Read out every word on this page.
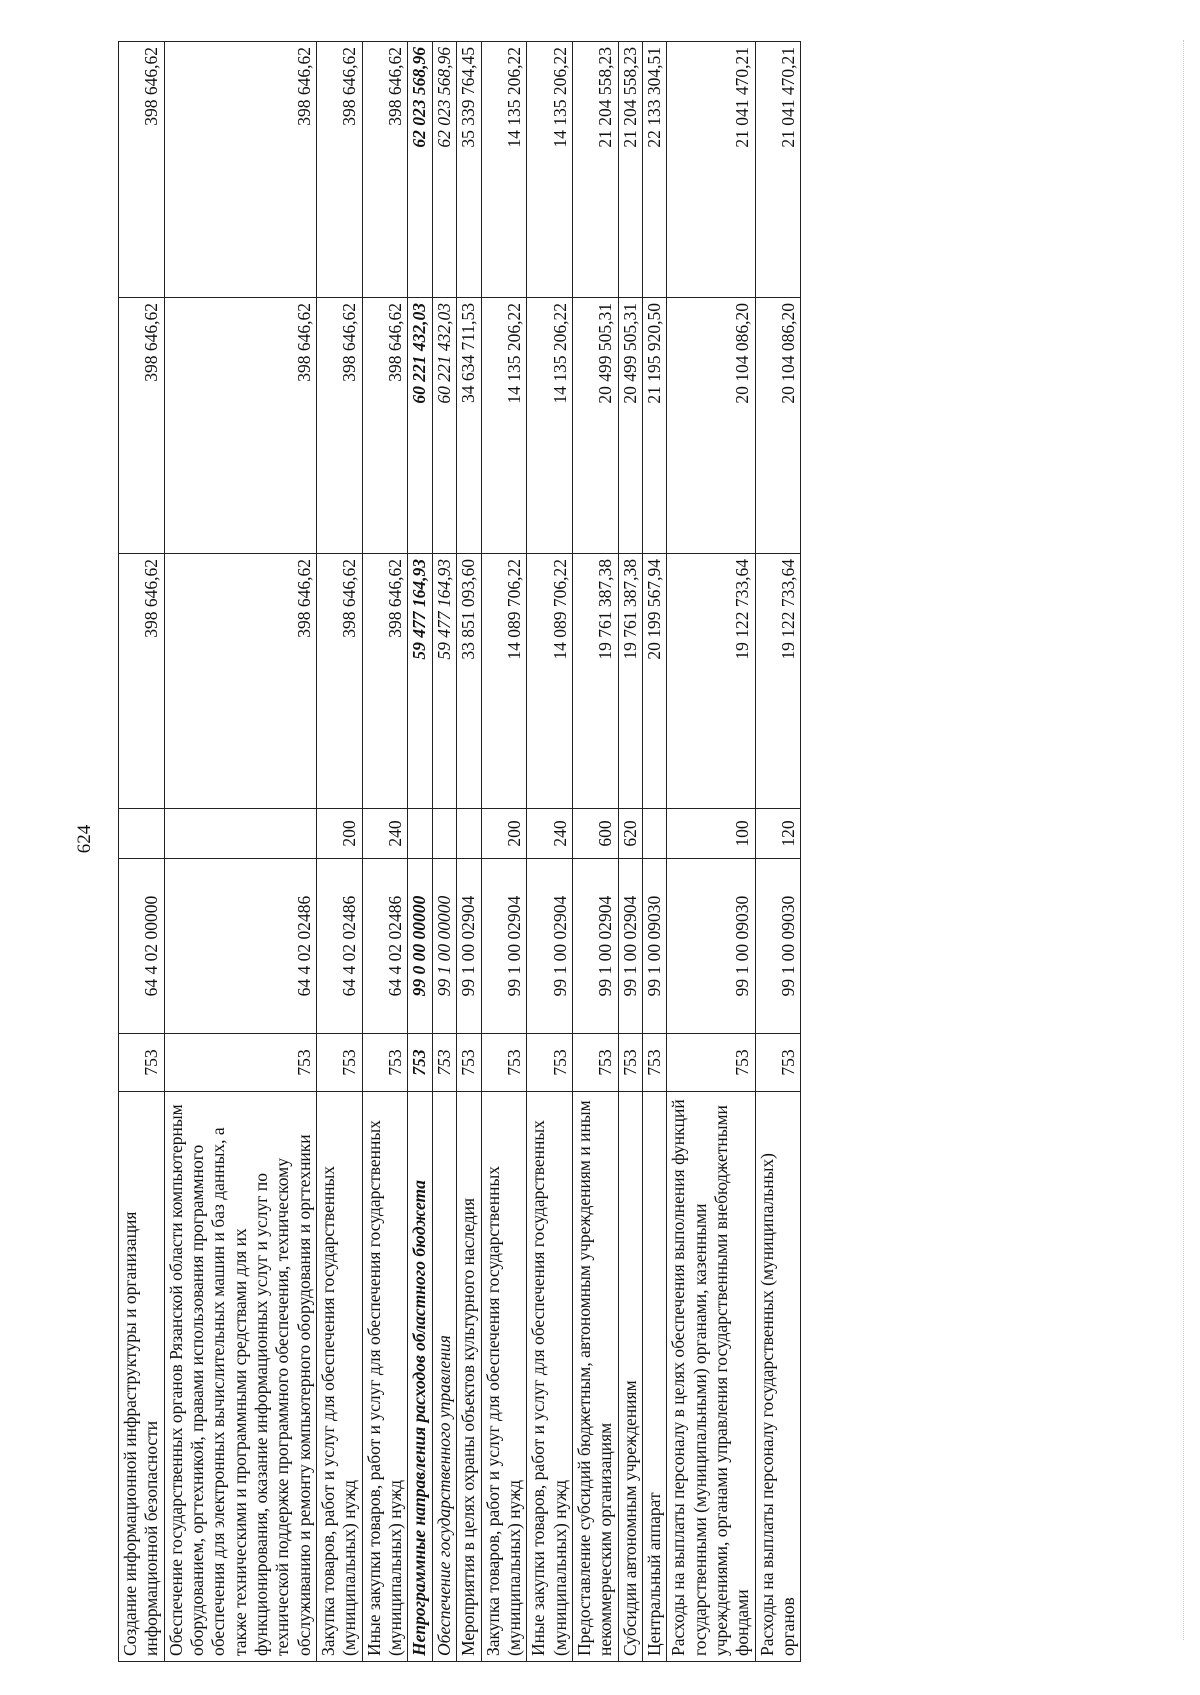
624
Создание информационной инфраструктуры и организация информационной безопасности	753	64 4 02 00000		398 646,62	398 646,62	398 646,62
Обеспечение государственных органов Рязанской области компьютерным оборудованием, оргтехникой, правами использования программного обеспечения для электронных вычислительных машин и баз данных, а также техническими и программными средствами для их функционирования, оказание информационных услуг и услуг по технической поддержке программного обеспечения, техническому обслуживанию и ремонту компьютерного оборудования и оргтехники	753	64 4 02 02486		398 646,62	398 646,62	398 646,62
Закупка товаров, работ и услуг для обеспечения государственных (муниципальных) нужд	753	64 4 02 02486	200	398 646,62	398 646,62	398 646,62
Иные закупки товаров, работ и услуг для обеспечения государственных (муниципальных) нужд	753	64 4 02 02486	240	398 646,62	398 646,62	398 646,62
Непрограммные направления расходов областного бюджета	753	99 0 00 00000		59 477 164,93	60 221 432,03	62 023 568,96
Обеспечение государственного управления	753	99 1 00 00000		59 477 164,93	60 221 432,03	62 023 568,96
Мероприятия в целях охраны объектов культурного наследия	753	99 1 00 02904		33 851 093,60	34 634 711,53	35 339 764,45
Закупка товаров, работ и услуг для обеспечения государственных (муниципальных) нужд	753	99 1 00 02904	200	14 089 706,22	14 135 206,22	14 135 206,22
Иные закупки товаров, работ и услуг для обеспечения государственных (муниципальных) нужд	753	99 1 00 02904	240	14 089 706,22	14 135 206,22	14 135 206,22
Предоставление субсидий бюджетным, автономным учреждениям и иным некоммерческим организациям	753	99 1 00 02904	600	19 761 387,38	20 499 505,31	21 204 558,23
Субсидии автономным учреждениям	753	99 1 00 02904	620	19 761 387,38	20 499 505,31	21 204 558,23
Центральный аппарат	753	99 1 00 09030		20 199 567,94	21 195 920,50	22 133 304,51
Расходы на выплаты персоналу в целях обеспечения выполнения функций государственными (муниципальными) органами, казенными учреждениями, органами управления государственными внебюджетными фондами	753	99 1 00 09030	100	19 122 733,64	20 104 086,20	21 041 470,21
Расходы на выплаты персоналу государственных (муниципальных) органов	753	99 1 00 09030	120	19 122 733,64	20 104 086,20	21 041 470,21
